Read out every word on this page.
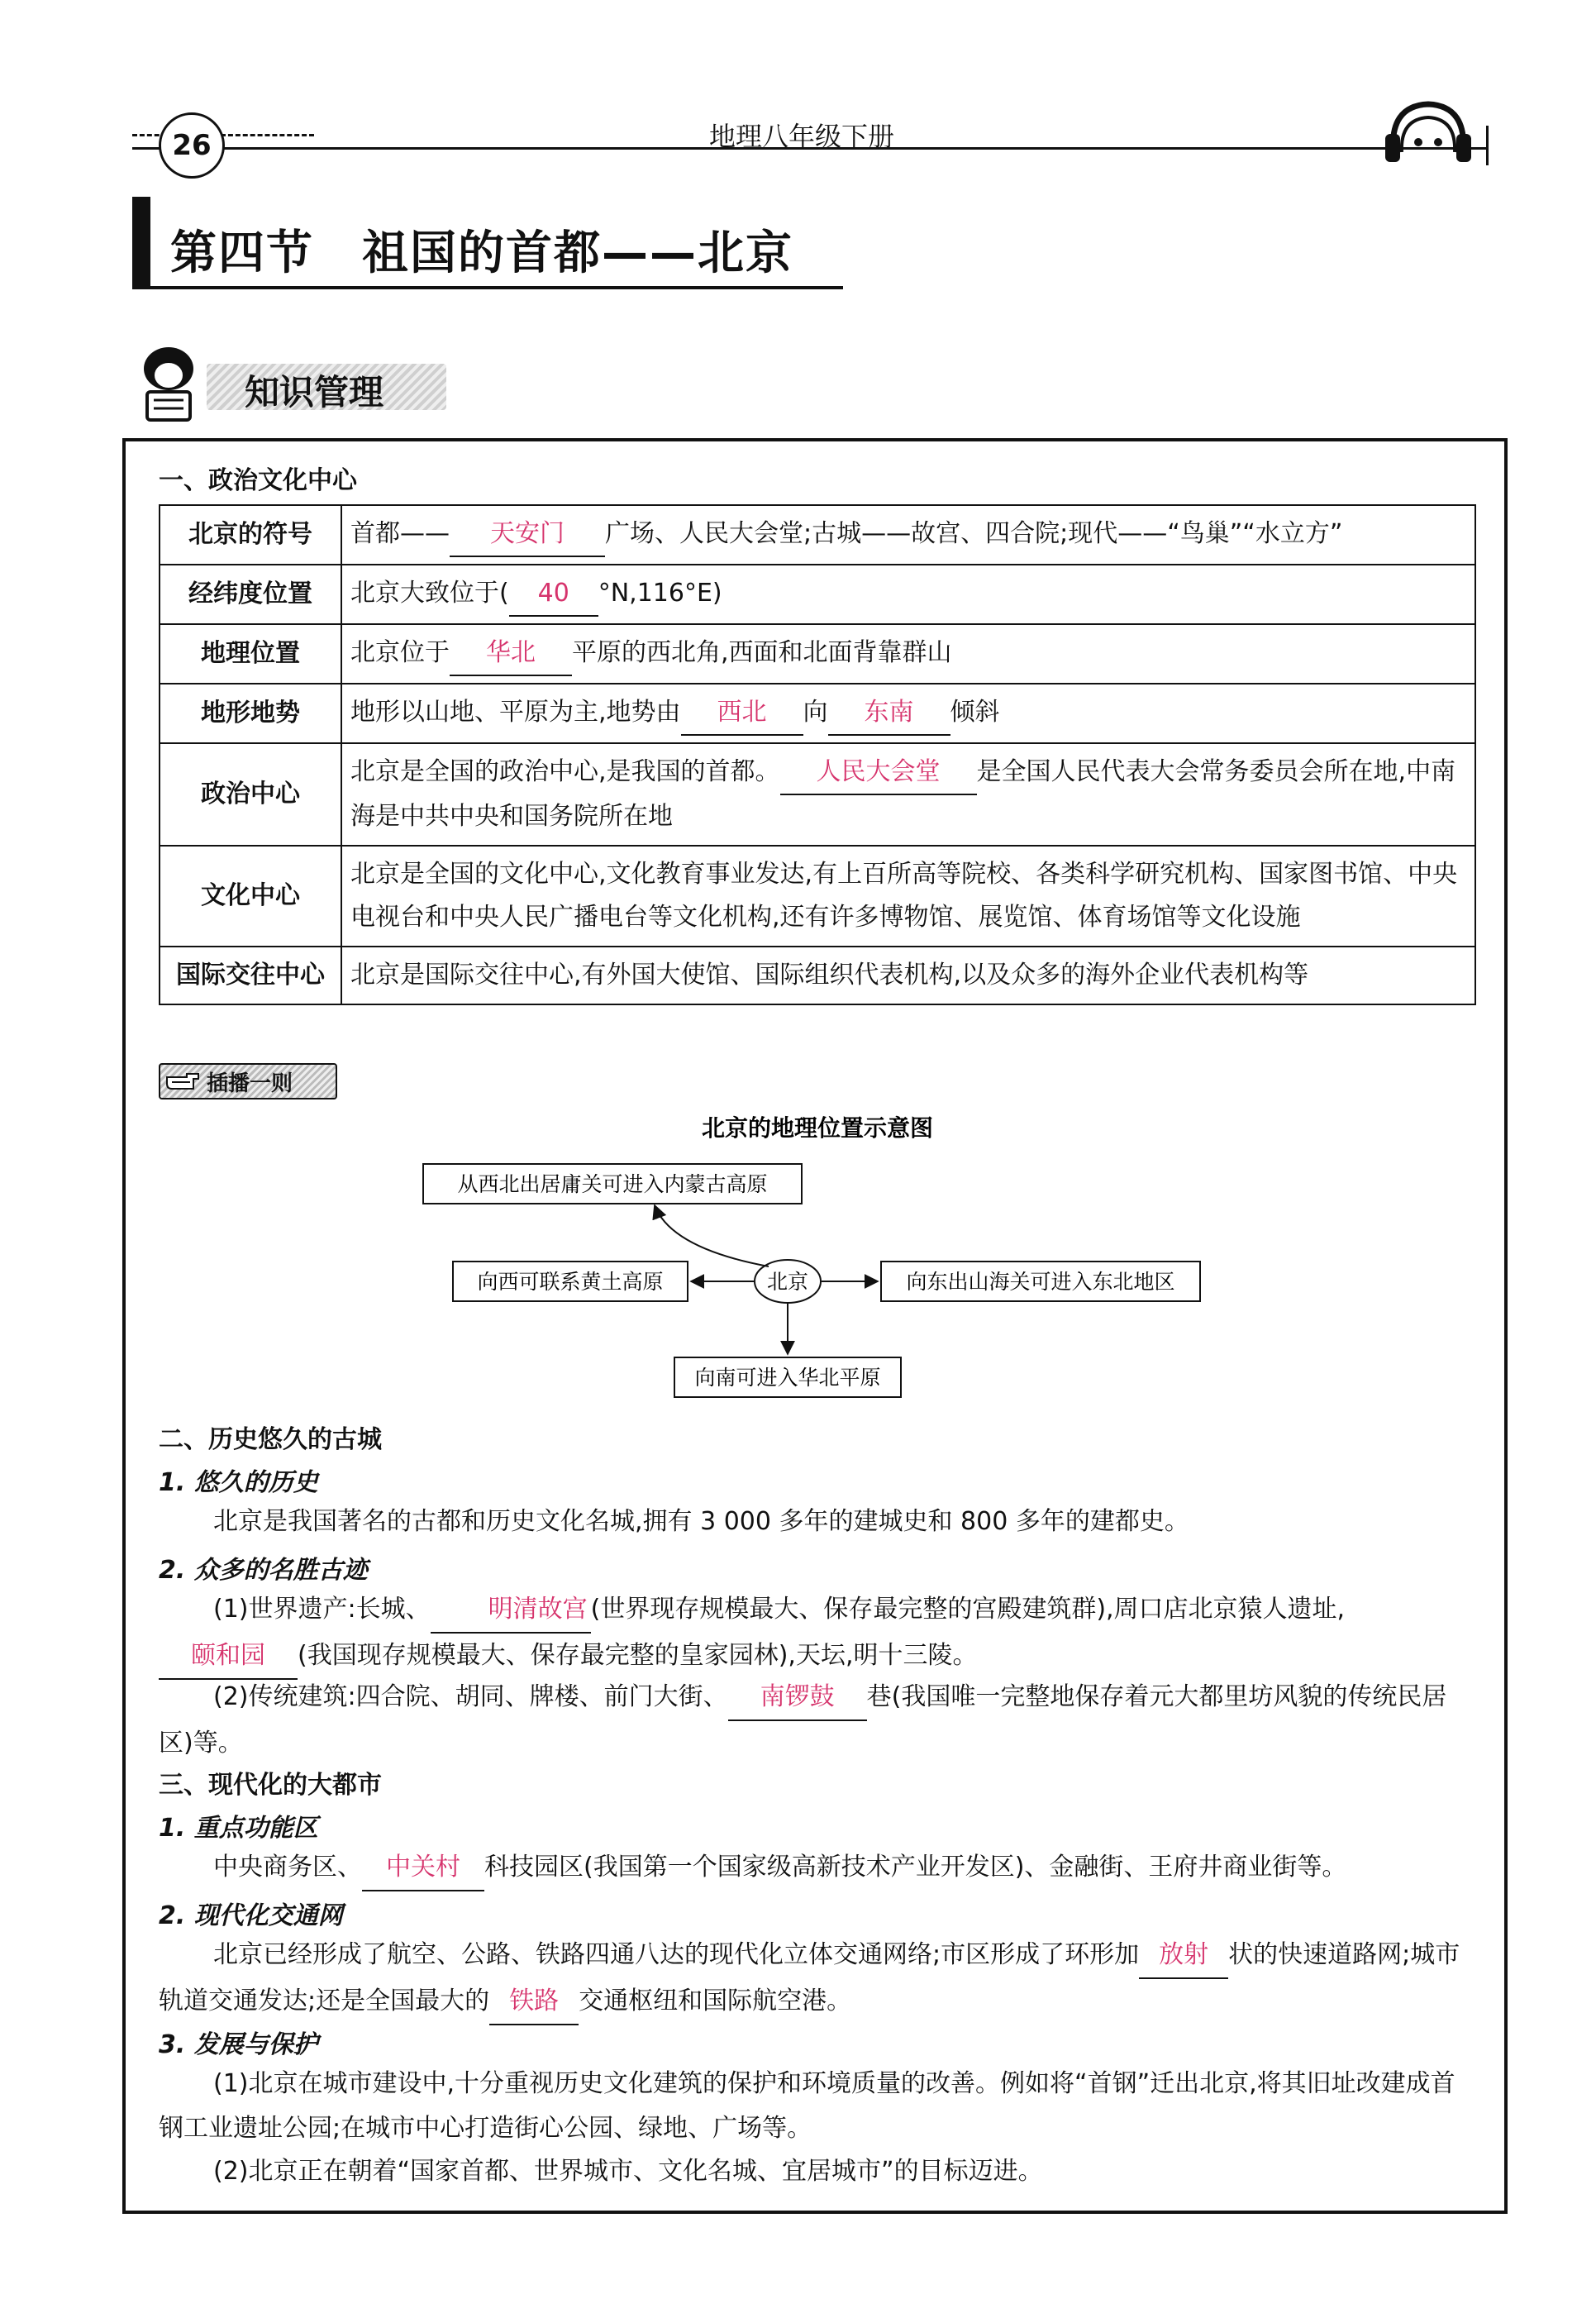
26	地理八年级下册
第四节　祖国的首都——北京
知识管理
一、政治文化中心
北京的符号	首都—— 天安门 广场、人民大会堂;古城——故宫、四合院;现代——“鸟巢”“水立方”
经纬度位置	北京大致位于( 40 °N,116°E)
地理位置	北京位于 华北 平原的西北角,西面和北面背靠群山
地形地势	地形以山地、平原为主,地势由 西北 向 东南 倾斜
政治中心	北京是全国的政治中心,是我国的首都。 人民大会堂 是全国人民代表大会常务委员会所在地,中南海是中共中央和国务院所在地
文化中心	北京是全国的文化中心,文化教育事业发达,有上百所高等院校、各类科学研究机构、国家图书馆、中央电视台和中央人民广播电台等文化机构,还有许多博物馆、展览馆、体育场馆等文化设施
国际交往中心	北京是国际交往中心,有外国大使馆、国际组织代表机构,以及众多的海外企业代表机构等
插播一则
北京的地理位置示意图
从西北出居庸关可进入内蒙古高原
向西可联系黄土高原	向东出山海关可进入东北地区
向南可进入华北平原
北京
二、历史悠久的古城
1. 悠久的历史
北京是我国著名的古都和历史文化名城,拥有 3 000 多年的建城史和 800 多年的建都史。
2. 众多的名胜古迹
(1)世界遗产:长城、 明清故宫 (世界现存规模最大、保存最完整的宫殿建筑群),周口店北京猿人遗址,颐和园 (我国现存规模最大、保存最完整的皇家园林),天坛,明十三陵。
(2)传统建筑:四合院、胡同、牌楼、前门大街、 南锣鼓 巷(我国唯一完整地保存着元大都里坊风貌的传统民居区)等。
三、现代化的大都市
1. 重点功能区
中央商务区、 中关村 科技园区(我国第一个国家级高新技术产业开发区)、金融街、王府井商业街等。
2. 现代化交通网
北京已经形成了航空、公路、铁路四通八达的现代化立体交通网络;市区形成了环形加 放射 状的快速道路网;城市轨道交通发达;还是全国最大的 铁路 交通枢纽和国际航空港。
3. 发展与保护
(1)北京在城市建设中,十分重视历史文化建筑的保护和环境质量的改善。例如将“首钢”迁出北京,将其旧址改建成首钢工业遗址公园;在城市中心打造街心公园、绿地、广场等。
(2)北京正在朝着“国家首都、世界城市、文化名城、宜居城市”的目标迈进。
